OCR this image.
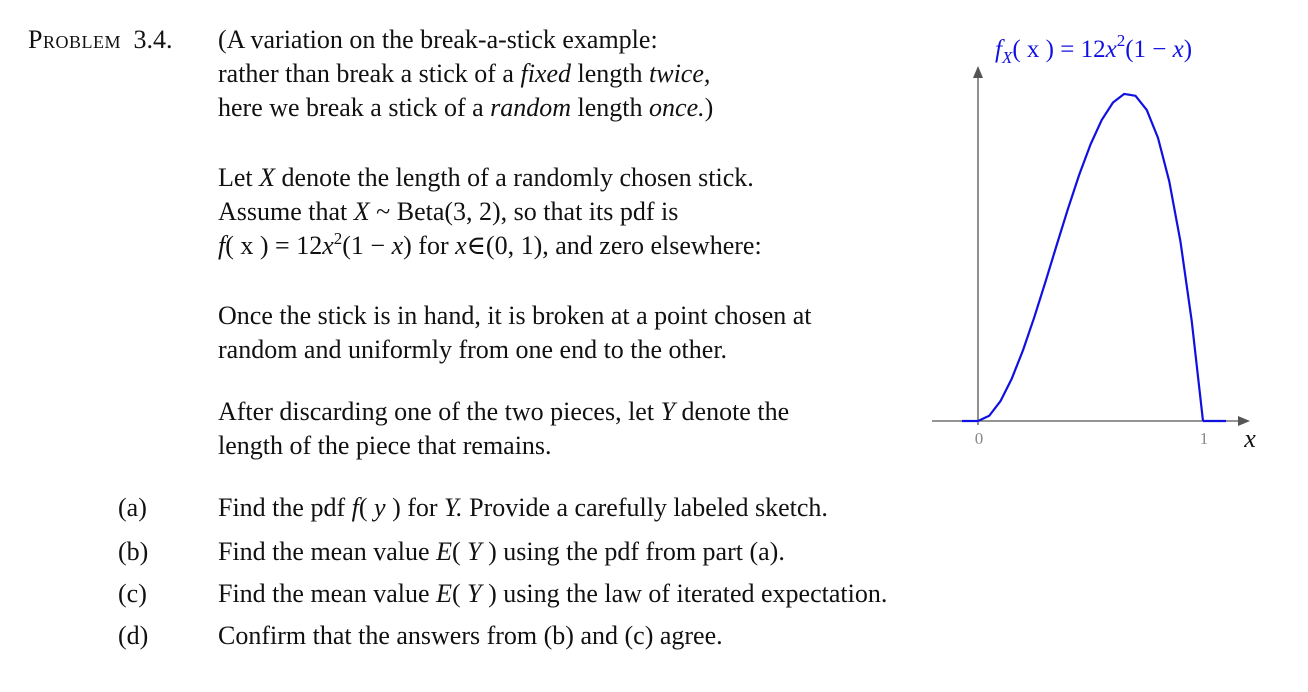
Problem 3.4. (A variation on the break-a-stick example:
rather than break a stick of a fixed length twice,
here we break a stick of a random length once.)
Let X denote the length of a randomly chosen stick.
Assume that X ~ Beta(3, 2), so that its pdf is
f( x ) = $12x^2(1 - x)$ for x∈(0, 1), and zero elsewhere:
Once the stick is in hand, it is broken at a point chosen at
random and uniformly from one end to the other.
After discarding one of the two pieces, let Y denote the
length of the piece that remains.
(a)	Find the pdf f( y ) for Y. Provide a carefully labeled sketch.
(b)	Find the mean value E( Y ) using the pdf from part (a).
(c)	Find the mean value E( Y ) using the law of iterated expectation.
(d)	Confirm that the answers from (b) and (c) agree.
0	1 x
$f_X$( x ) = $12x^2(1 - x)$
